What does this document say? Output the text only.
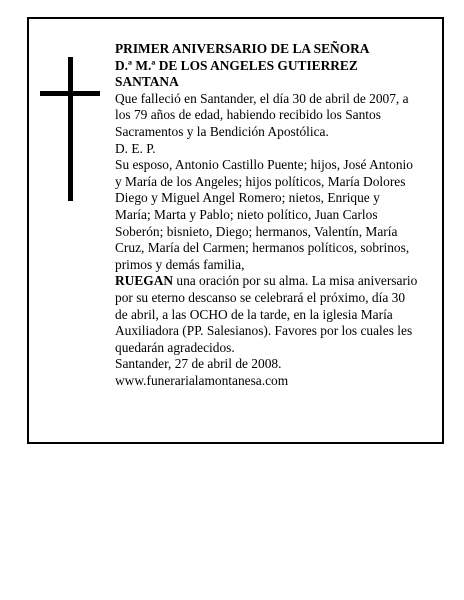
PRIMER ANIVERSARIO DE LA SEÑORA
D.ª M.ª DE LOS ANGELES GUTIERREZ
SANTANA
Que falleció en Santander, el día 30 de abril de 2007, a
los 79 años de edad, habiendo recibido los Santos
Sacramentos y la Bendición Apostólica.
D. E. P.
Su esposo, Antonio Castillo Puente; hijos, José Antonio
y María de los Angeles; hijos políticos, María Dolores
Diego y Miguel Angel Romero; nietos, Enrique y
María; Marta y Pablo; nieto político, Juan Carlos
Soberón; bisnieto, Diego; hermanos, Valentín, María
Cruz, María del Carmen; hermanos políticos, sobrinos,
primos y demás familia,
RUEGAN una oración por su alma. La misa aniversario
por su eterno descanso se celebrará el próximo, día 30
de abril, a las OCHO de la tarde, en la iglesia María
Auxiliadora (PP. Salesianos). Favores por los cuales les
quedarán agradecidos.
Santander, 27 de abril de 2008.
www.funerarialamontanesa.com
